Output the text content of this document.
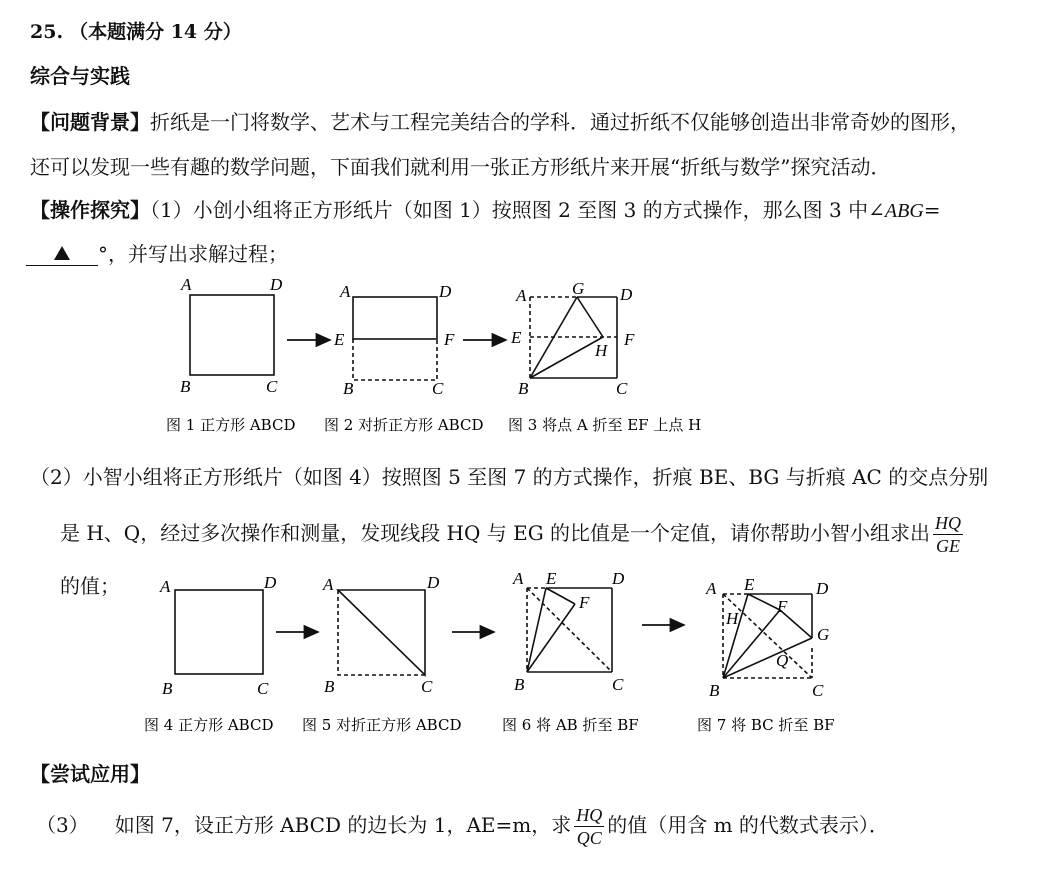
25. （本题满分 14 分）
综合与实践
【问题背景】折纸是一门将数学、艺术与工程完美结合的学科．通过折纸不仅能够创造出非常奇妙的图形，
还可以发现一些有趣的数学问题，下面我们就利用一张正方形纸片来开展“折纸与数学”探究活动．
【操作探究】（1）小创小组将正方形纸片（如图 1）按照图 2 至图 3 的方式操作，那么图 3 中∠ABG=
°，并写出求解过程；
A	D
B	C
A	D
E	F
B	C
A	G D
E	F
H
B	C
图 1 正方形 ABCD 图 2 对折正方形 ABCD 图 3 将点 A 折至 EF 上点 H
（2）小智小组将正方形纸片（如图 4）按照图 5 至图 7 的方式操作，折痕 BE、BG 与折痕 AC 的交点分别
是 H、Q，经过多次操作和测量，发现线段 HQ 与 EG 的比值是一个定值，请你帮助小智小组求出 $\frac{HQ}{GE}$
的值； A	D
B	C
A	D
B	C
A E	D
F
B	C
A E	D
F
H
G
Q
B	C
图 4 正方形 ABCD 图 5 对折正方形 ABCD	图 6 将 AB 折至 BF	图 7 将 BC 折至 BF
【尝试应用】
（3） 如图 7，设正方形 ABCD 的边长为 1，AE=m，求 $\frac{HQ}{QC}$ 的值（用含 m 的代数式表示）．
